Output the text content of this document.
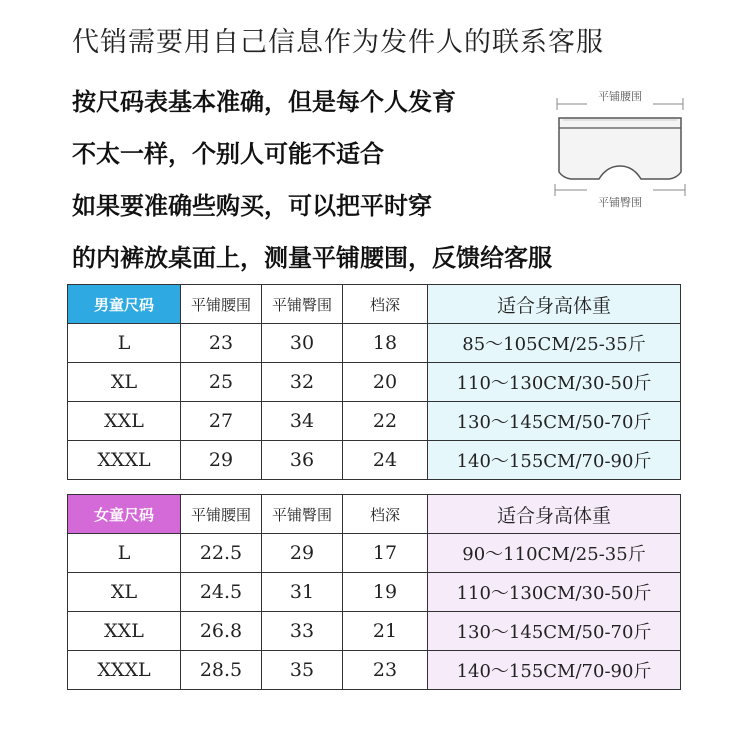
代销需要用自己信息作为发件人的联系客服
按尺码表基本准确，但是每个人发育
不太一样，个别人可能不适合
如果要准确些购买，可以把平时穿
的内裤放桌面上，测量平铺腰围，反馈给客服
平铺腰围
平铺臀围
男童尺码	平铺腰围	平铺臀围	档深	适合身高体重
L	23	30	18	85～105CM/25-35斤
XL	25	32	20	110～130CM/30-50斤
XXL	27	34	22	130～145CM/50-70斤
XXXL	29	36	24	140～155CM/70-90斤
女童尺码	平铺腰围	平铺臀围	档深	适合身高体重
L	22.5	29	17	90～110CM/25-35斤
XL	24.5	31	19	110～130CM/30-50斤
XXL	26.8	33	21	130～145CM/50-70斤
XXXL	28.5	35	23	140～155CM/70-90斤
